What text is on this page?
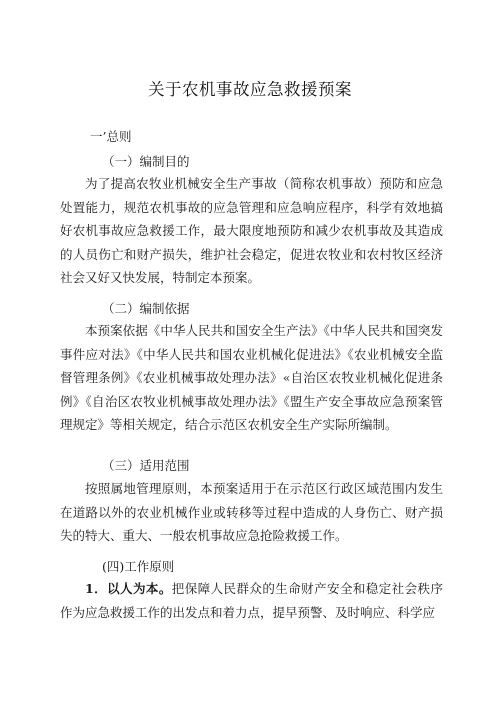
关于农机事故应急救援预案
一’总则
（一）编制目的
为了提高农牧业机械安全生产事故（简称农机事故）预防和应急处置能力，规范农机事故的应急管理和应急响应程序，科学有效地搞好农机事故应急救援工作，最大限度地预防和减少农机事故及其造成的人员伤亡和财产损失，维护社会稳定，促进农牧业和农村牧区经济社会又好又快发展，特制定本预案。
（二）编制依据
本预案依据《中华人民共和国安全生产法》《中华人民共和国突发事件应对法》《中华人民共和国农业机械化促进法》《农业机械安全监督管理条例》《农业机械事故处理办法》«自治区农牧业机械化促进条例》《自治区农牧业机械事故处理办法》《盟生产安全事故应急预案管理规定》等相关规定，结合示范区农机安全生产实际所编制。
（三）适用范围
按照属地管理原则，本预案适用于在示范区行政区域范围内发生在道路以外的农业机械作业或转移等过程中造成的人身伤亡、财产损失的特大、重大、一般农机事故应急抢险救援工作。
(四)工作原则
1．以人为本。把保障人民群众的生命财产安全和稳定社会秩序作为应急救援工作的出发点和着力点，提早预警、及时响应、科学应
